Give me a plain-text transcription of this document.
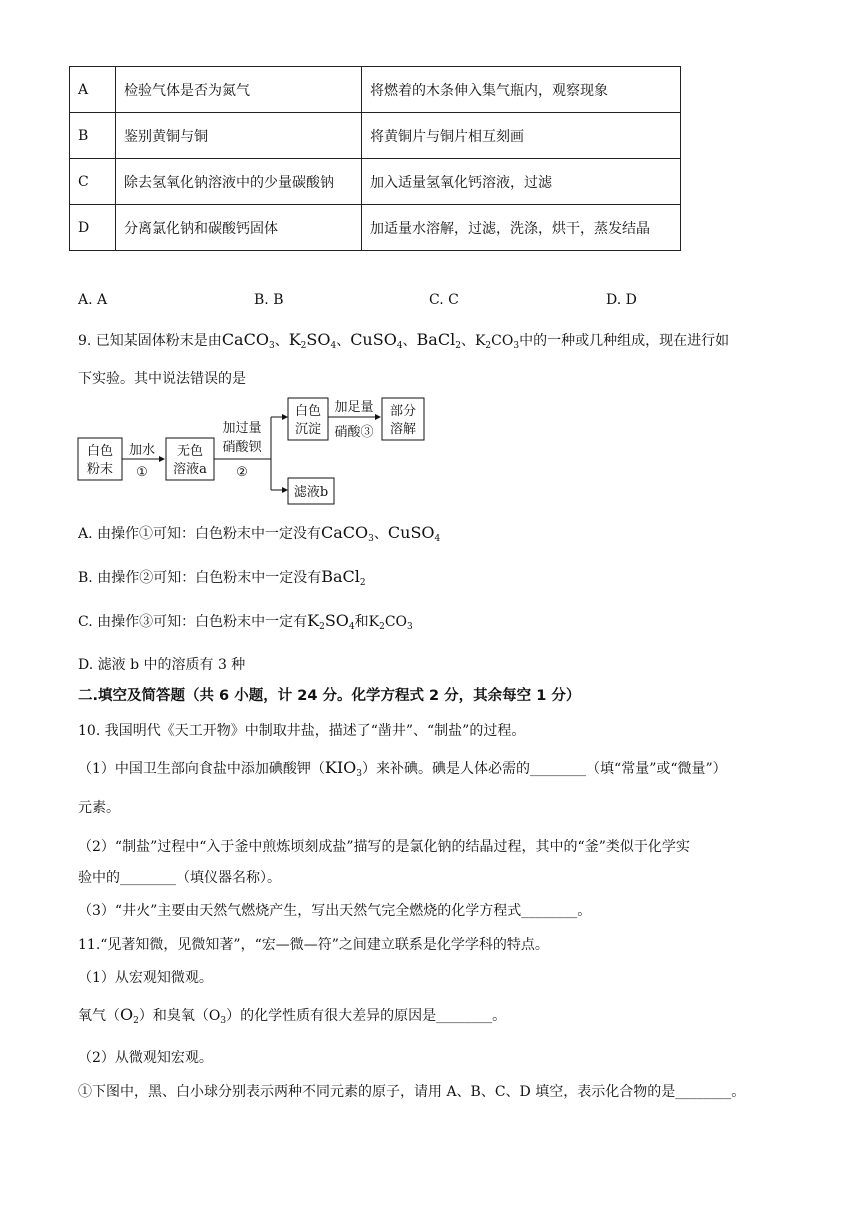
A	检验气体是否为氮气	将燃着的木条伸入集气瓶内，观察现象
B	鉴别黄铜与铜	将黄铜片与铜片相互刻画
C	除去氢氧化钠溶液中的少量碳酸钠	加入适量氢氧化钙溶液，过滤
D	分离氯化钠和碳酸钙固体	加适量水溶解，过滤，洗涤，烘干，蒸发结晶
A. A	B. B	C. C	D. D
9. 已知某固体粉末是由CaCO$_3$、$K_2SO_4$、CuSO$_4$、BaCl$_2$、$K_2CO_3$中的一种或几种组成，现在进行如
下实验。其中说法错误的是
白色
粉末
加水
①
无色
溶液a
加过量
硝酸钡
②
白色
沉淀
加足量
硝酸③
部分
溶解
滤液b
A. 由操作①可知：白色粉末中一定没有CaCO$_3$、CuSO$_4$
B. 由操作②可知：白色粉末中一定没有BaCl$_2$
C. 由操作③可知：白色粉末中一定有$K_2SO_4$和$K_2CO_3$
D. 滤液 b 中的溶质有 3 种
二.填空及简答题（共 6 小题，计 24 分。化学方程式 2 分，其余每空 1 分）
10. 我国明代《天工开物》中制取井盐，描述了“凿井”、“制盐”的过程。
（1）中国卫生部向食盐中添加碘酸钾$(KIO_3)$来补碘。碘是人体必需的________（填“常量”或“微量”）
元素。
（2）“制盐”过程中“入于釜中煎炼顷刻成盐”描写的是氯化钠的结晶过程，其中的“釜”类似于化学实
验中的________（填仪器名称）。
（3）“井火”主要由天然气燃烧产生，写出天然气完全燃烧的化学方程式________。
11.“见著知微，见微知著”，“宏—微—符”之间建立联系是化学学科的特点。
（1）从宏观知微观。
氧气$(O_2)$和臭氧$(O_3)$的化学性质有很大差异的原因是________。
（2）从微观知宏观。
①下图中，黑、白小球分别表示两种不同元素的原子，请用 A、B、C、D 填空，表示化合物的是________。
